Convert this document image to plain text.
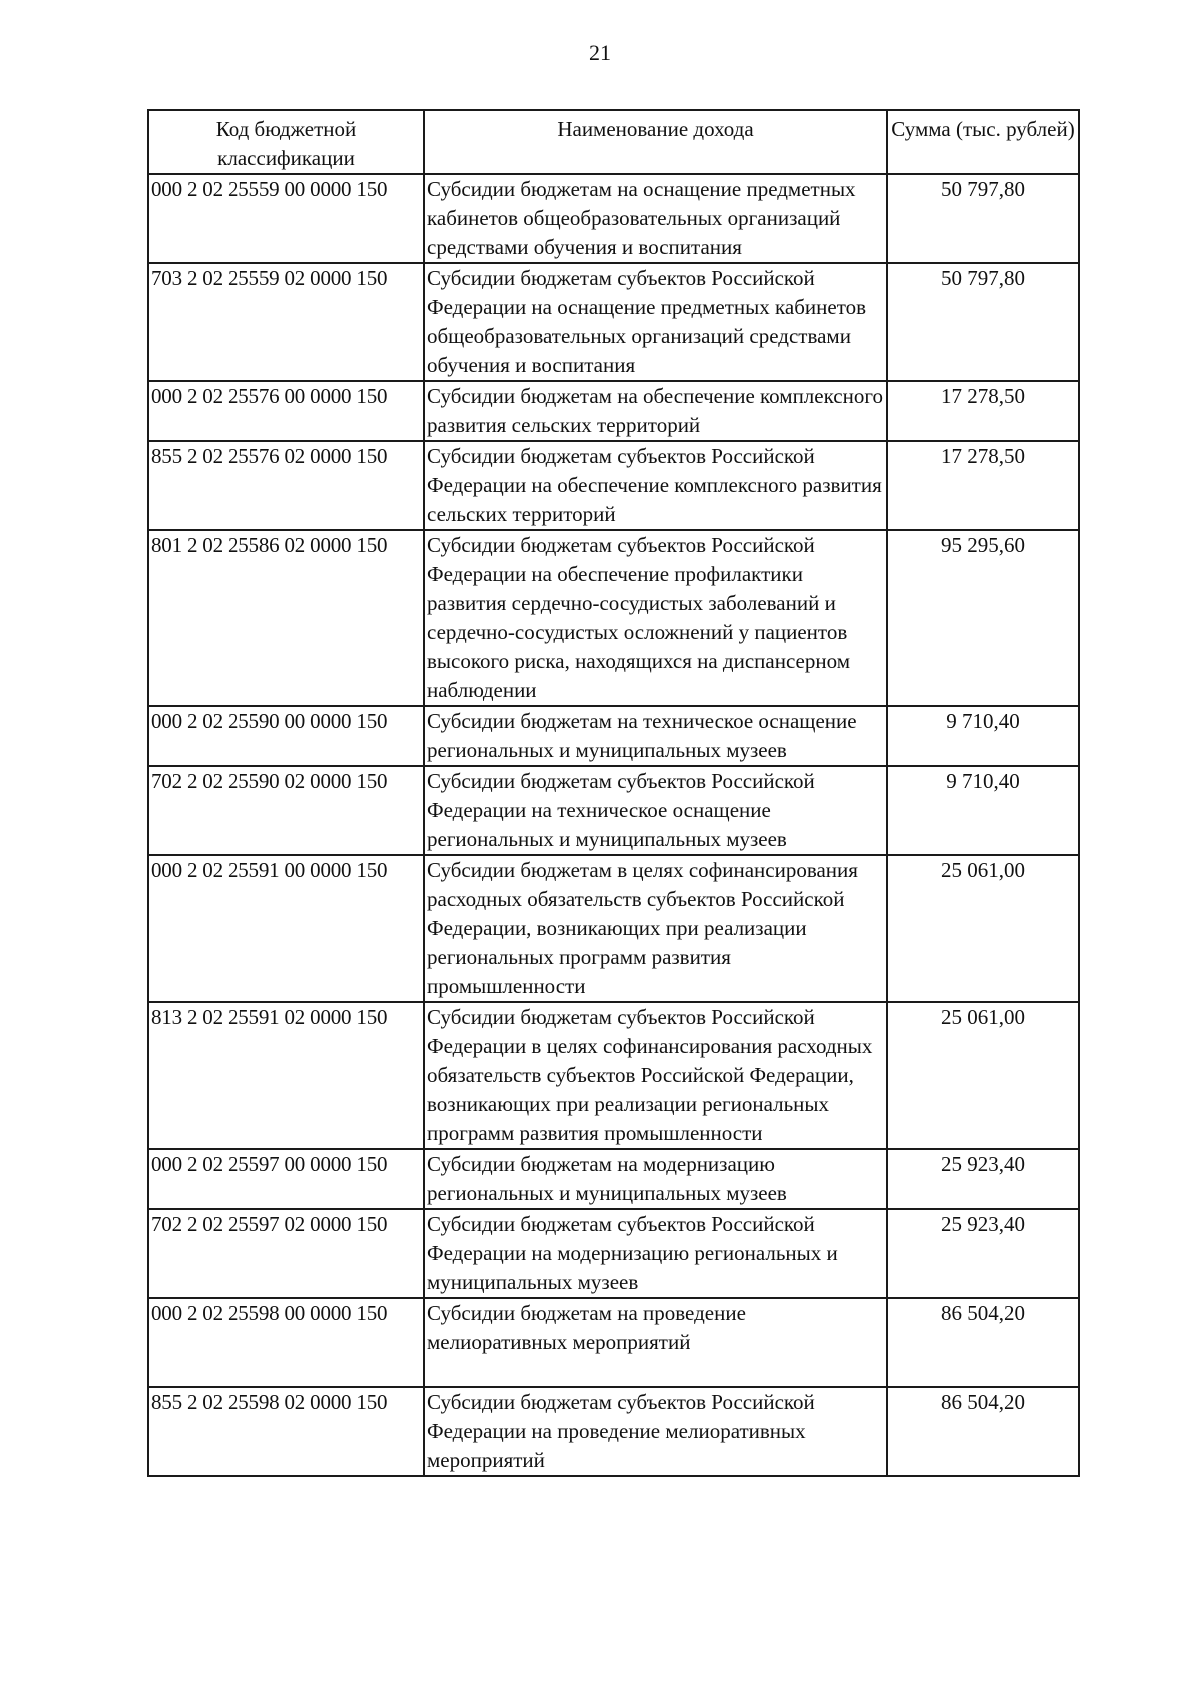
21
Код бюджетной классификации	Наименование дохода	Сумма (тыс. рублей)
000 2 02 25559 00 0000 150	Субсидии бюджетам на оснащение предметных кабинетов общеобразовательных организаций средствами обучения и воспитания	50 797,80
703 2 02 25559 02 0000 150	Субсидии бюджетам субъектов Российской Федерации на оснащение предметных кабинетов общеобразовательных организаций средствами обучения и воспитания	50 797,80
000 2 02 25576 00 0000 150	Субсидии бюджетам на обеспечение комплексного развития сельских территорий	17 278,50
855 2 02 25576 02 0000 150	Субсидии бюджетам субъектов Российской Федерации на обеспечение комплексного развития сельских территорий	17 278,50
801 2 02 25586 02 0000 150	Субсидии бюджетам субъектов Российской Федерации на обеспечение профилактики развития сердечно-сосудистых заболеваний и сердечно-сосудистых осложнений у пациентов высокого риска, находящихся на диспансерном наблюдении	95 295,60
000 2 02 25590 00 0000 150	Субсидии бюджетам на техническое оснащение региональных и муниципальных музеев	9 710,40
702 2 02 25590 02 0000 150	Субсидии бюджетам субъектов Российской Федерации на техническое оснащение региональных и муниципальных музеев	9 710,40
000 2 02 25591 00 0000 150	Субсидии бюджетам в целях софинансирования расходных обязательств субъектов Российской Федерации, возникающих при реализации региональных программ развития промышленности	25 061,00
813 2 02 25591 02 0000 150	Субсидии бюджетам субъектов Российской Федерации в целях софинансирования расходных обязательств субъектов Российской Федерации, возникающих при реализации региональных программ развития промышленности	25 061,00
000 2 02 25597 00 0000 150	Субсидии бюджетам на модернизацию региональных и муниципальных музеев	25 923,40
702 2 02 25597 02 0000 150	Субсидии бюджетам субъектов Российской Федерации на модернизацию региональных и муниципальных музеев	25 923,40
000 2 02 25598 00 0000 150	Субсидии бюджетам на проведение мелиоративных мероприятий	86 504,20
855 2 02 25598 02 0000 150	Субсидии бюджетам субъектов Российской Федерации на проведение мелиоративных мероприятий	86 504,20
